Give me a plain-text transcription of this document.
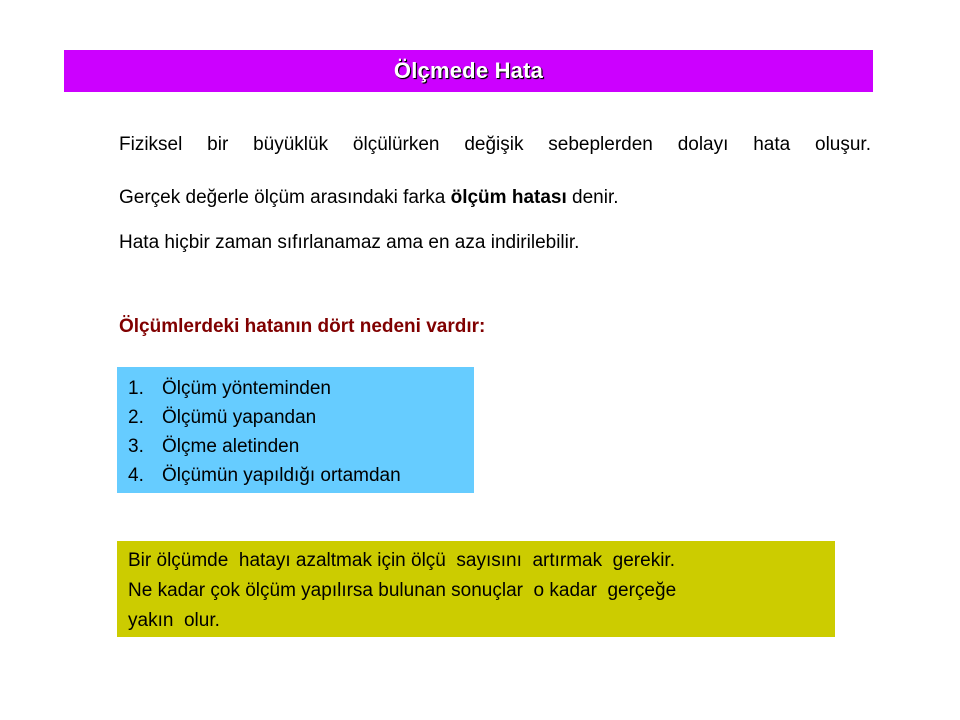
Ölçmede Hata
Fiziksel bir büyüklük ölçülürken değişik sebeplerden dolayı hata oluşur.
Gerçek değerle ölçüm arasındaki farka ölçüm hatası denir.
Hata hiçbir zaman sıfırlanamaz ama en aza indirilebilir.
Ölçümlerdeki hatanın dört nedeni vardır:
1. Ölçüm yönteminden
2. Ölçümü yapandan
3. Ölçme aletinden
4. Ölçümün yapıldığı ortamdan
Bir ölçümde  hatayı azaltmak için ölçü  sayısını  artırmak  gerekir.
Ne kadar çok ölçüm yapılırsa bulunan sonuçlar  o kadar  gerçeğe
yakın  olur.
